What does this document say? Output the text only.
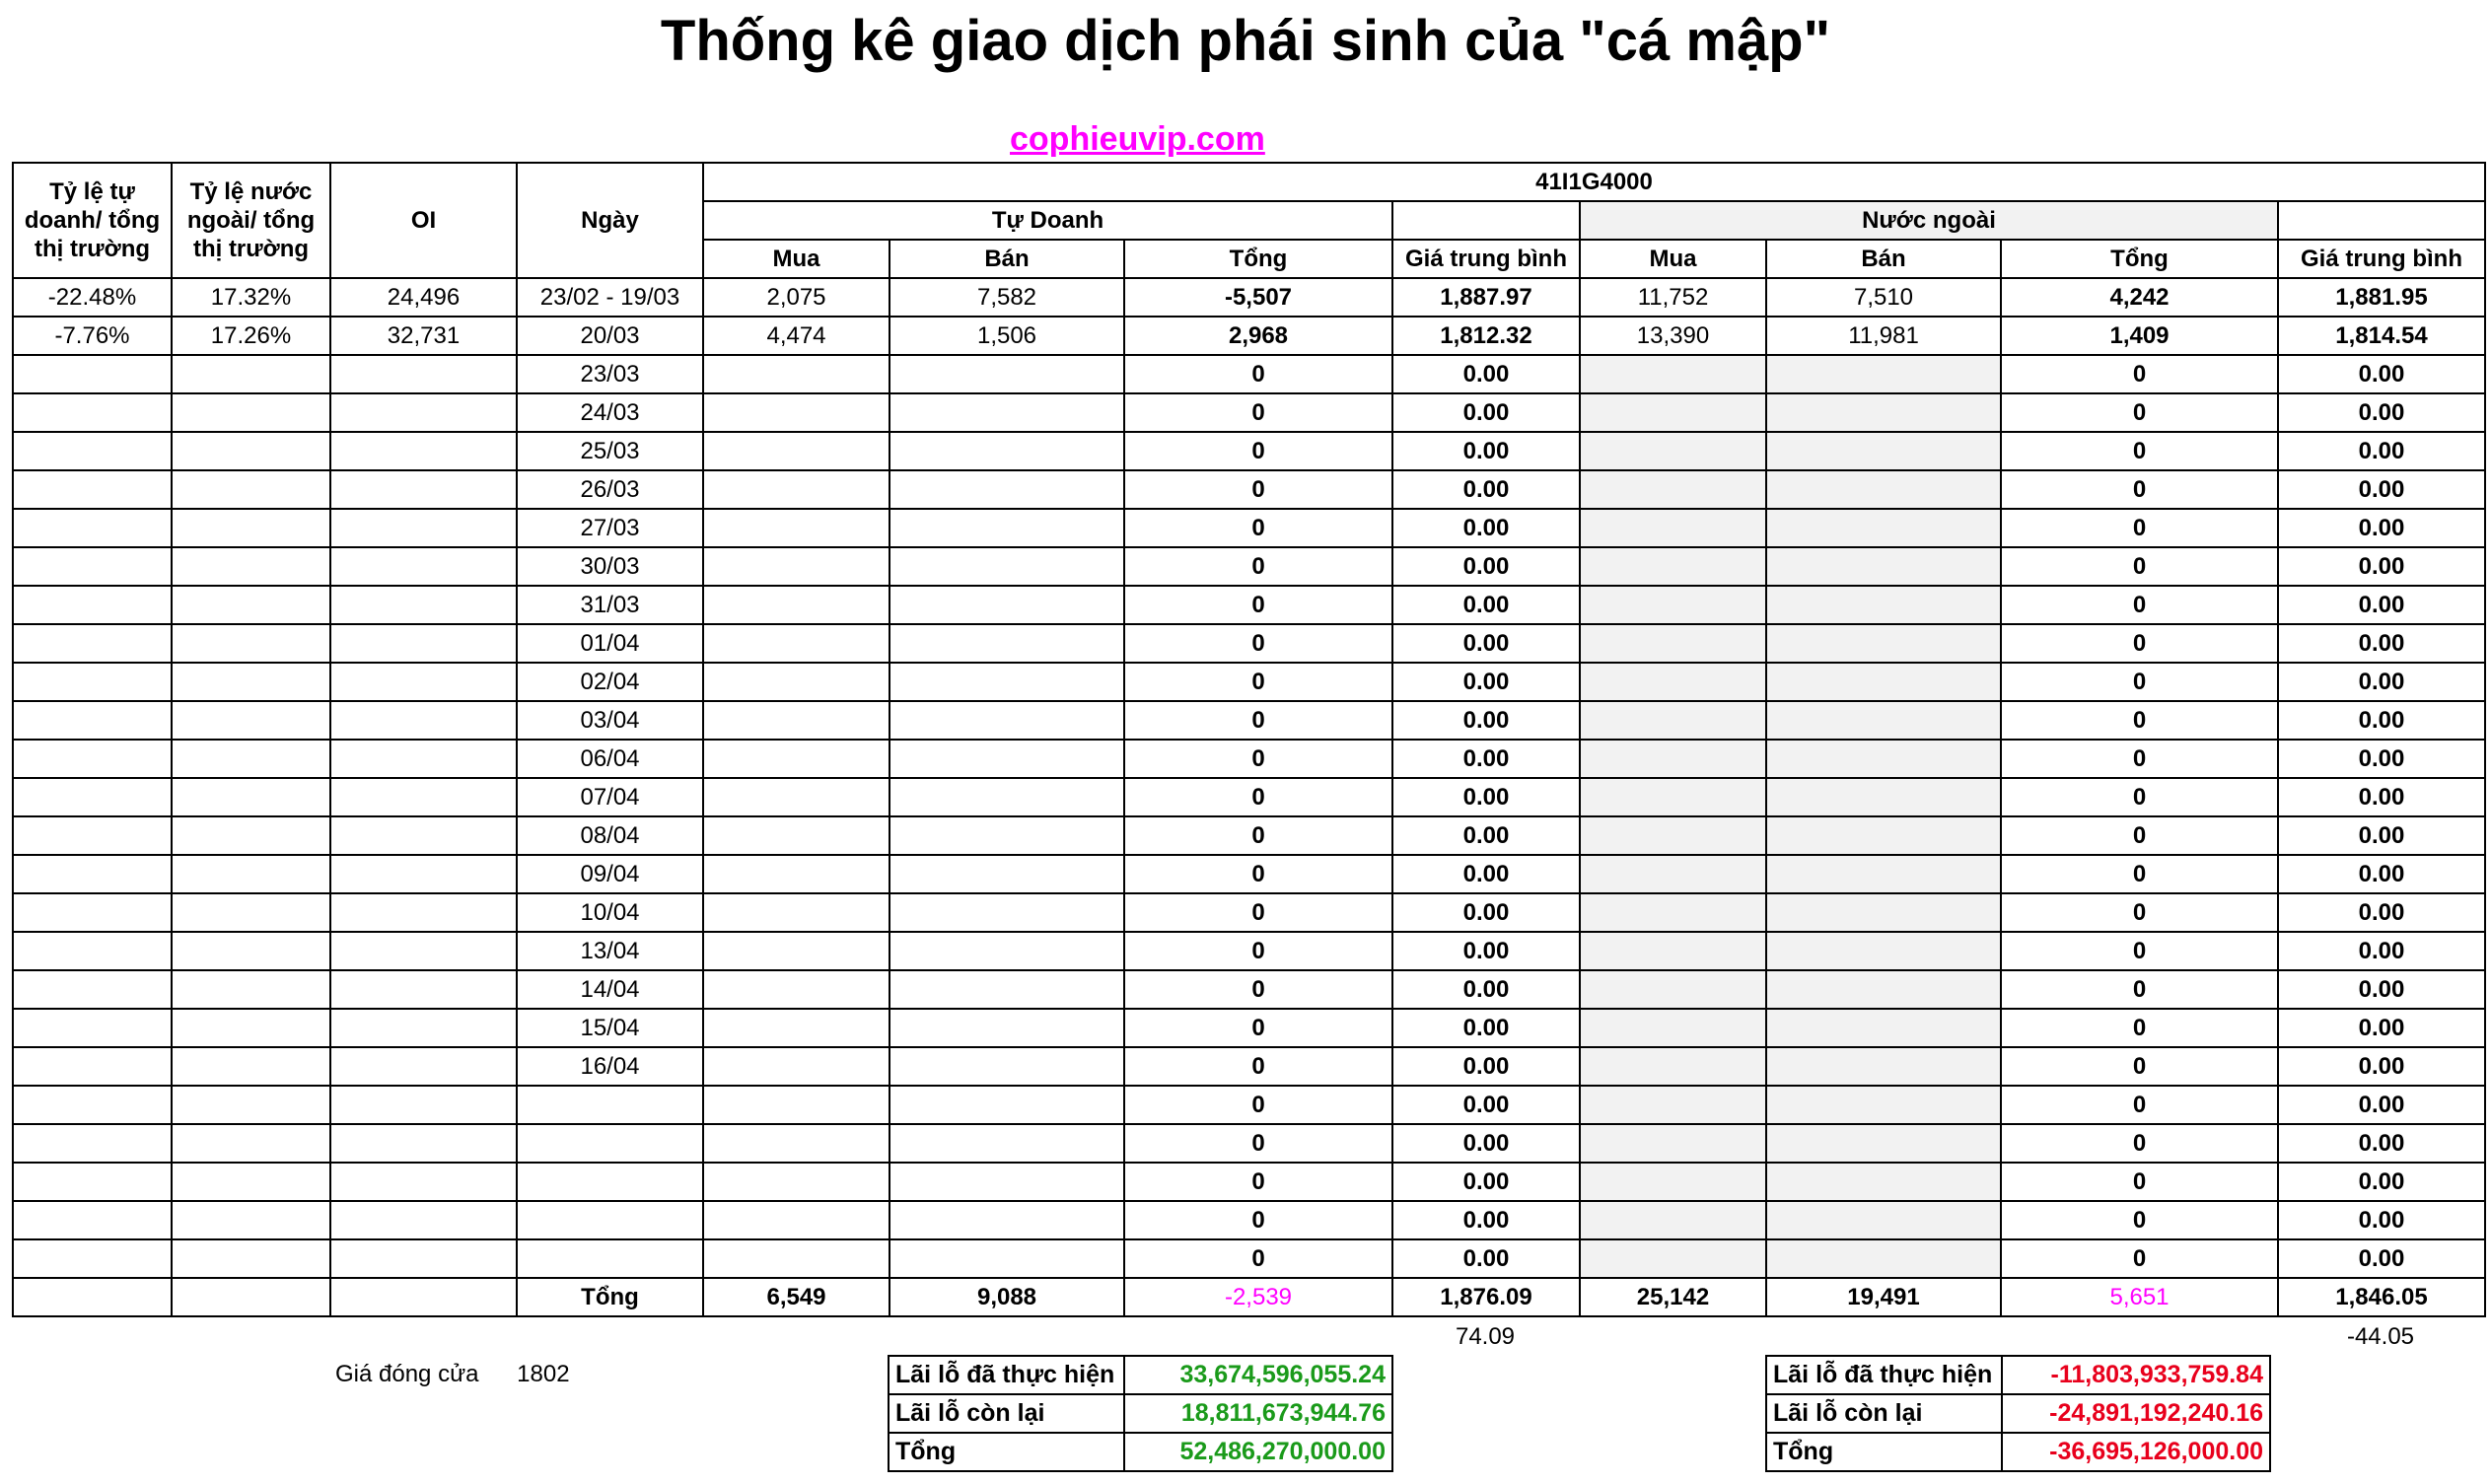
Thống kê giao dịch phái sinh của "cá mập"
cophieuvip.com
Tỷ lệ tự doanh/ tổng thị trường	Tỷ lệ nước ngoài/ tổng thị trường	OI	Ngày	41I1G4000							
				Tự Doanh				Nước ngoài			
				Mua	Bán	Tổng	Giá trung bình	Mua	Bán	Tổng	Giá trung bình
-22.48%	17.32%	24,496	23/02 - 19/03	2,075	7,582	-5,507	1,887.97	11,752	7,510	4,242	1,881.95
-7.76%	17.26%	32,731	20/03	4,474	1,506	2,968	1,812.32	13,390	11,981	1,409	1,814.54
			23/03			0	0.00			0	0.00
			24/03			0	0.00			0	0.00
			25/03			0	0.00			0	0.00
			26/03			0	0.00			0	0.00
			27/03			0	0.00			0	0.00
			30/03			0	0.00			0	0.00
			31/03			0	0.00			0	0.00
			01/04			0	0.00			0	0.00
			02/04			0	0.00			0	0.00
			03/04			0	0.00			0	0.00
			06/04			0	0.00			0	0.00
			07/04			0	0.00			0	0.00
			08/04			0	0.00			0	0.00
			09/04			0	0.00			0	0.00
			10/04			0	0.00			0	0.00
			13/04			0	0.00			0	0.00
			14/04			0	0.00			0	0.00
			15/04			0	0.00			0	0.00
			16/04			0	0.00			0	0.00
						0	0.00			0	0.00
						0	0.00			0	0.00
						0	0.00			0	0.00
						0	0.00			0	0.00
						0	0.00			0	0.00
			Tổng	6,549	9,088	-2,539	1,876.09	25,142	19,491	5,651	1,846.05
74.09	-44.05
Giá đóng cửa 1802	Lãi lỗ đã thực hiện	33,674,596,055.24
Lãi lỗ còn lại	18,811,673,944.76
Tổng	52,486,270,000.00
Lãi lỗ đã thực hiện	-11,803,933,759.84
Lãi lỗ còn lại	-24,891,192,240.16
Tổng	-36,695,126,000.00
